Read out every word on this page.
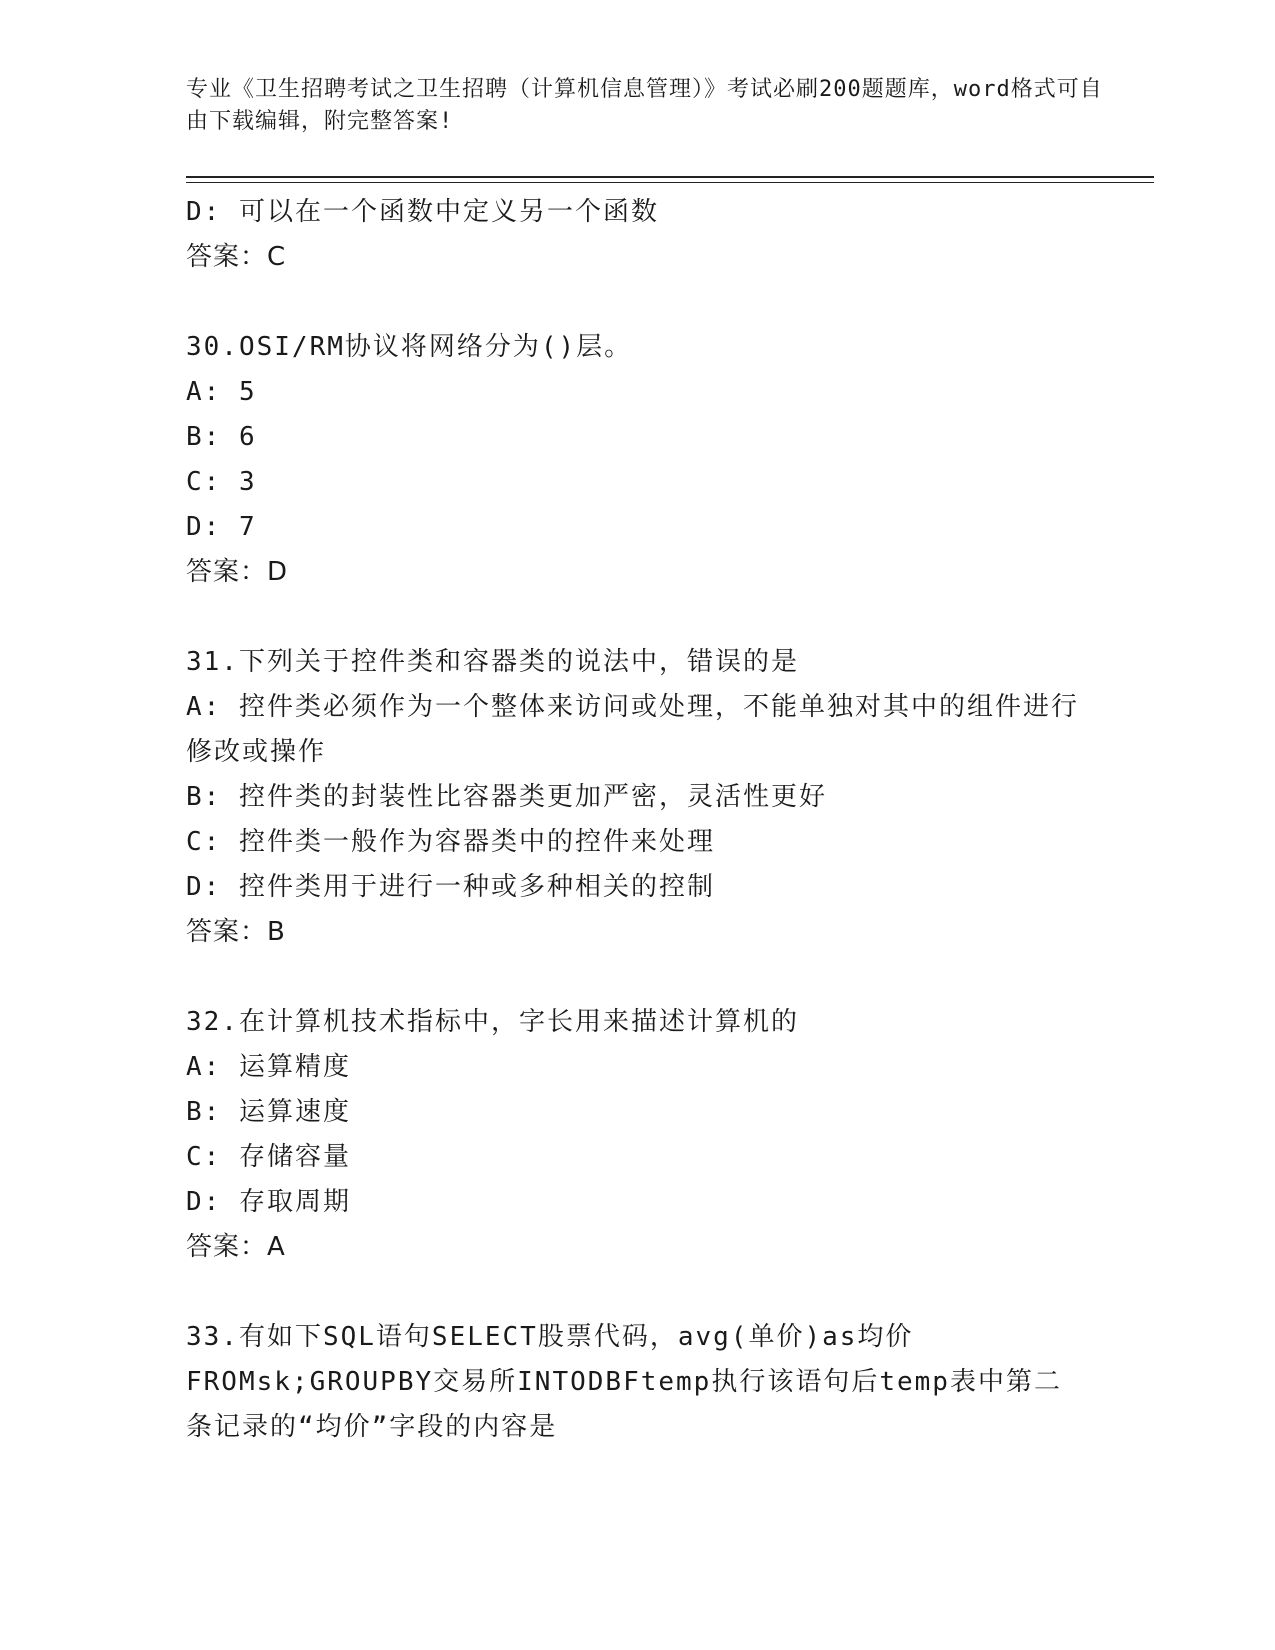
专业《卫生招聘考试之卫生招聘（计算机信息管理）》考试必刷200题题库，word格式可自由下载编辑，附完整答案!
D: 可以在一个函数中定义另一个函数
答案：C
30.OSI/RM协议将网络分为()层。
A: 5
B: 6
C: 3
D: 7
答案：D
31.下列关于控件类和容器类的说法中，错误的是
A: 控件类必须作为一个整体来访问或处理，不能单独对其中的组件进行修改或操作
B: 控件类的封装性比容器类更加严密，灵活性更好
C: 控件类一般作为容器类中的控件来处理
D: 控件类用于进行一种或多种相关的控制
答案：B
32.在计算机技术指标中，字长用来描述计算机的
A: 运算精度
B: 运算速度
C: 存储容量
D: 存取周期
答案：A
33.有如下SQL语句SELECT股票代码，avg(单价)as均价FROMsk;GROUPBY交易所INTODBFtemp执行该语句后temp表中第二条记录的“均价”字段的内容是
